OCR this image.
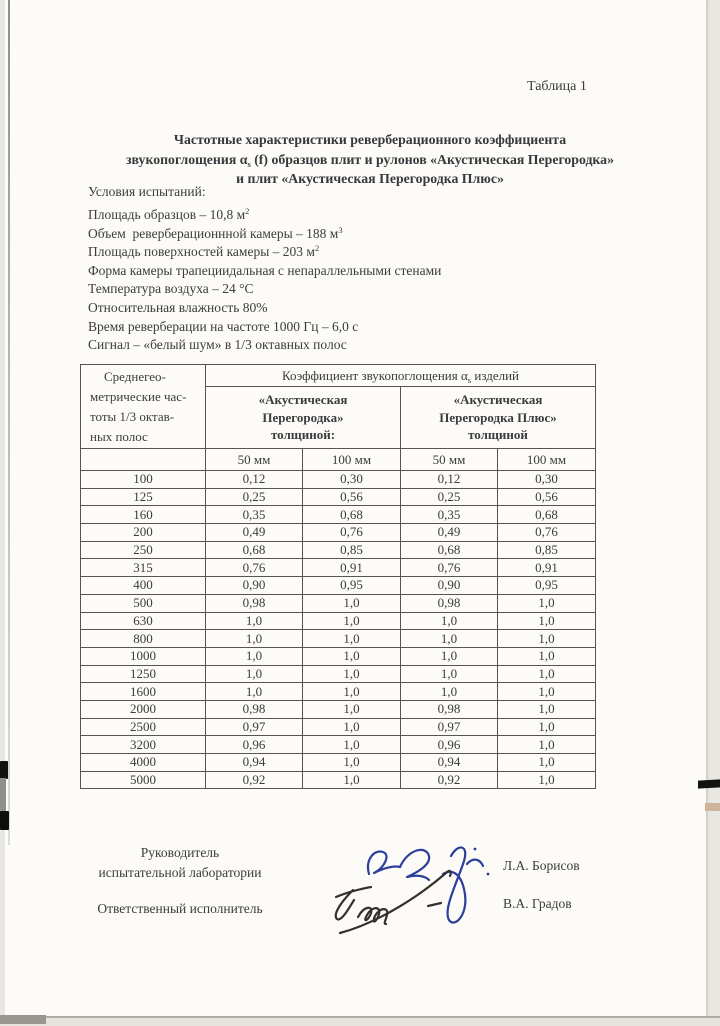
Таблица 1
Частотные характеристики реверберационного коэффициента
звукопоглощения $\alpha_s$ (f) образцов плит и рулонов «Акустическая Перегородка»
и плит «Акустическая Перегородка Плюс»
Условия испытаний:
Площадь образцов – 10,8 $м^2$
Объем  реверберационнной камеры – 188 $м^3$
Площадь поверхностей камеры – 203 $м^2$
Форма камеры трапециидальная с непараллельными стенами
Температура воздуха – 24 °С
Относительная влажность 80%
Время реверберации на частоте 1000 Гц – 6,0 с
Сигнал – «белый шум» в 1/3 октавных полос
Среднегео-
метрические час-
тоты 1/3 октав-
ных полос	Коэффициент звукопоглощения $\alpha_s$ изделий			
	«Акустическая
Перегородка»
толщиной:		«Акустическая
Перегородка Плюс»
толщиной	
	50 мм	100 мм	50 мм	100 мм
100	0,12	0,30	0,12	0,30
125	0,25	0,56	0,25	0,56
160	0,35	0,68	0,35	0,68
200	0,49	0,76	0,49	0,76
250	0,68	0,85	0,68	0,85
315	0,76	0,91	0,76	0,91
400	0,90	0,95	0,90	0,95
500	0,98	1,0	0,98	1,0
630	1,0	1,0	1,0	1,0
800	1,0	1,0	1,0	1,0
1000	1,0	1,0	1,0	1,0
1250	1,0	1,0	1,0	1,0
1600	1,0	1,0	1,0	1,0
2000	0,98	1,0	0,98	1,0
2500	0,97	1,0	0,97	1,0
3200	0,96	1,0	0,96	1,0
4000	0,94	1,0	0,94	1,0
5000	0,92	1,0	0,92	1,0
Руководитель
испытательной лаборатории
Ответственный исполнитель
Л.А. Борисов
В.А. Градов
